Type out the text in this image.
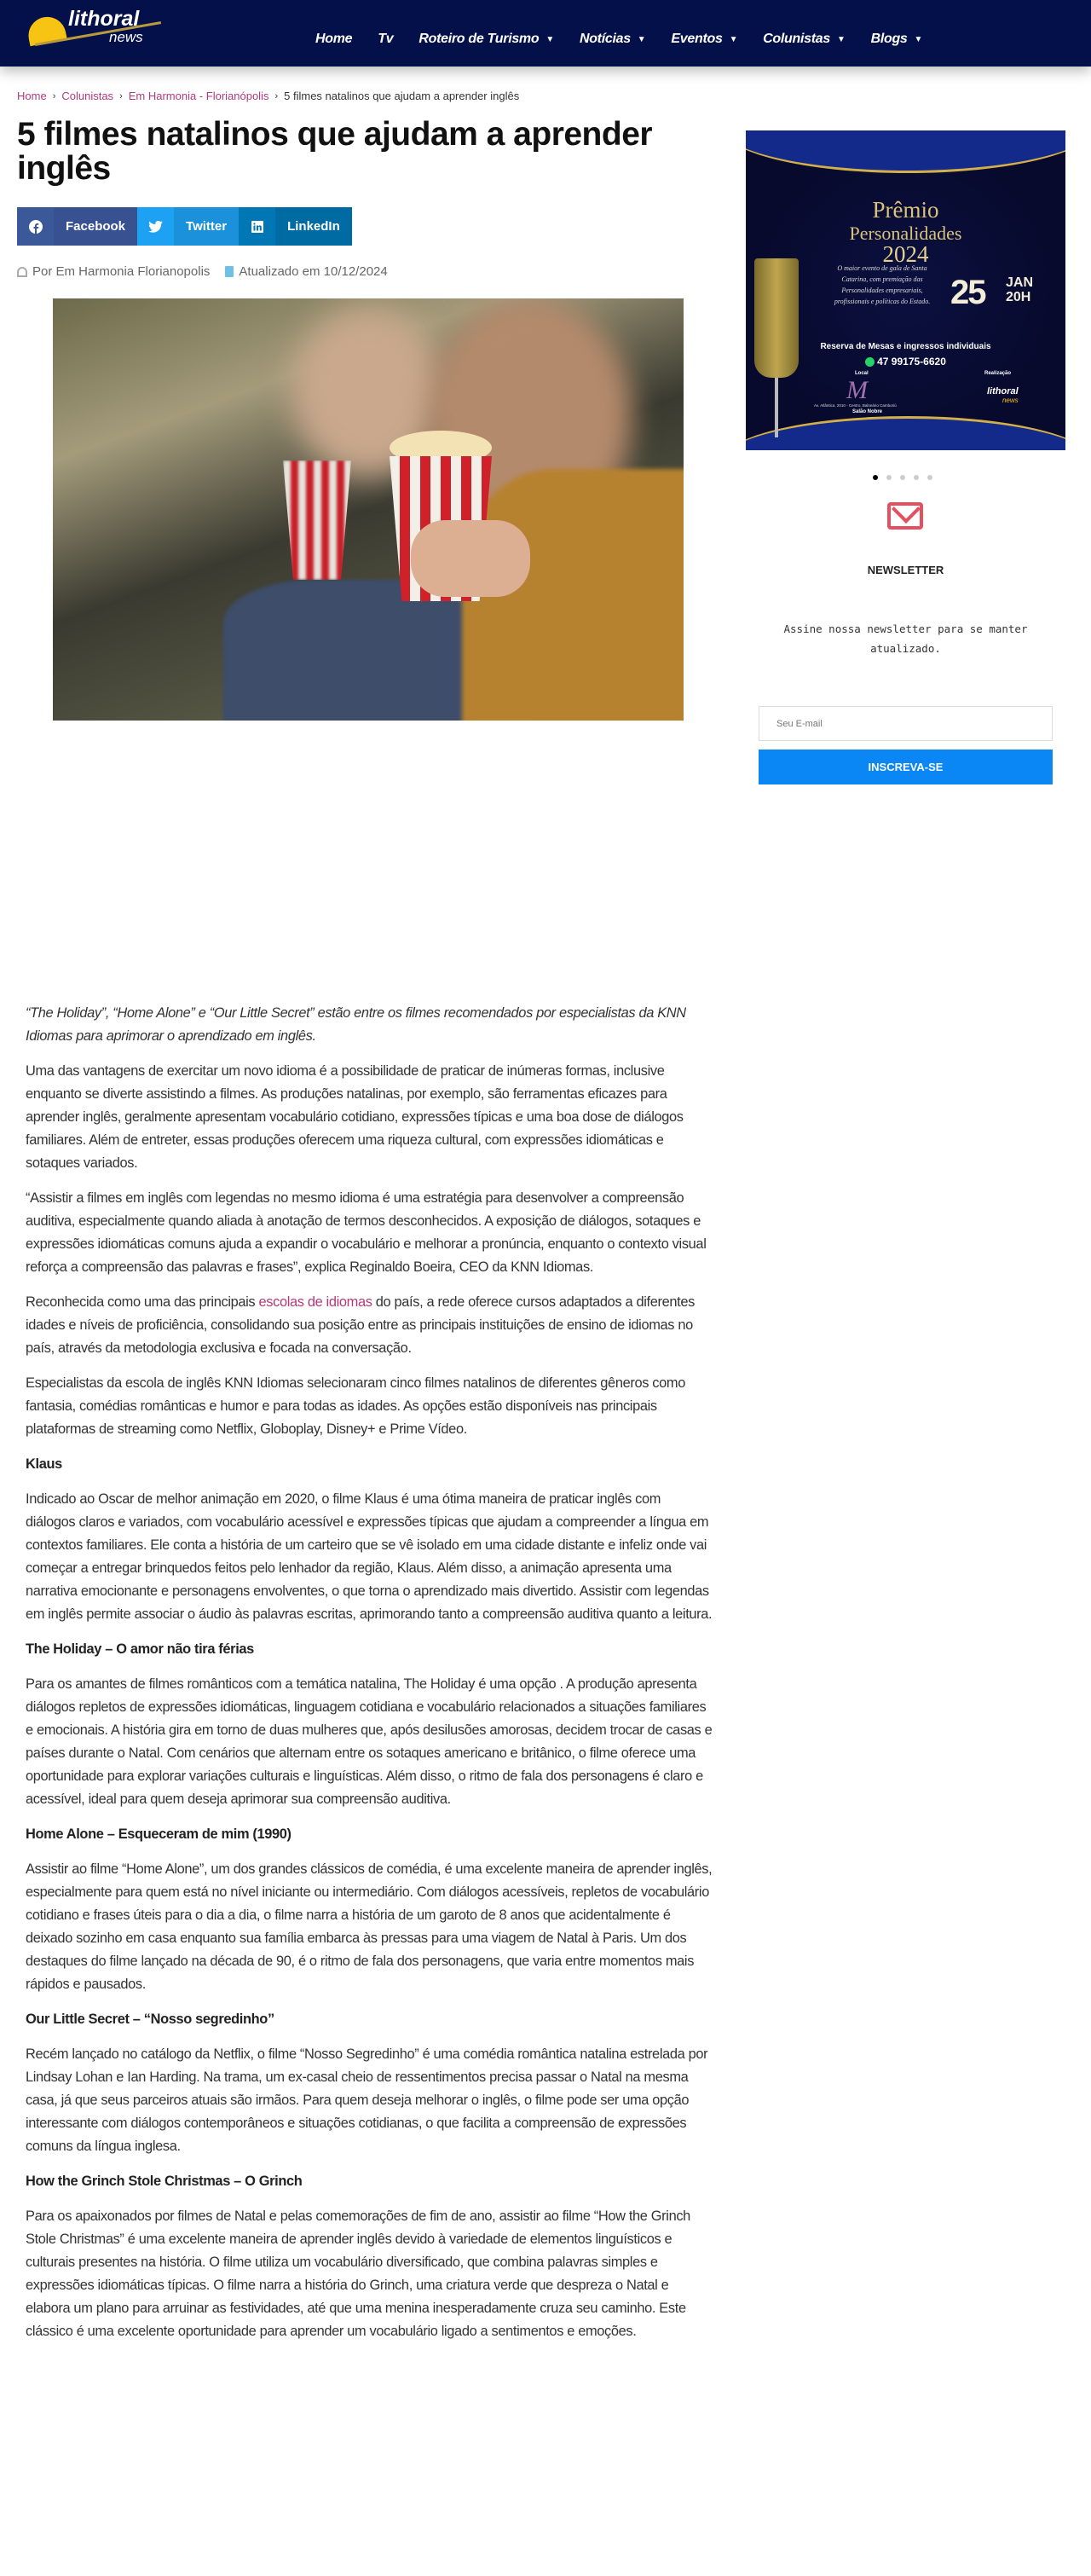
lithoral
news	Home Tv Roteiro de Turismo ▼ Notícias ▼ Eventos ▼ Colunistas ▼ Blogs ▼
Home › Colunistas › Em Harmonia - Florianópolis › 5 filmes natalinos que ajudam a aprender inglês
5 filmes natalinos que ajudam a aprender inglês
Facebook	Twitter	LinkedIn
Por Em Harmonia Florianopolis Atualizado em 10/12/2024

“The Holiday”, “Home Alone” e “Our Little Secret” estão entre os filmes recomendados por especialistas da KNN Idiomas para aprimorar o aprendizado em inglês.

Uma das vantagens de exercitar um novo idioma é a possibilidade de praticar de inúmeras formas, inclusive enquanto se diverte assistindo a filmes. As produções natalinas, por exemplo, são ferramentas eficazes para aprender inglês, geralmente apresentam vocabulário cotidiano, expressões típicas e uma boa dose de diálogos familiares. Além de entreter, essas produções oferecem uma riqueza cultural, com expressões idiomáticas e sotaques variados.

“Assistir a filmes em inglês com legendas no mesmo idioma é uma estratégia para desenvolver a compreensão auditiva, especialmente quando aliada à anotação de termos desconhecidos. A exposição de diálogos, sotaques e expressões idiomáticas comuns ajuda a expandir o vocabulário e melhorar a pronúncia, enquanto o contexto visual reforça a compreensão das palavras e frases”, explica Reginaldo Boeira, CEO da KNN Idiomas.

Reconhecida como uma das principais escolas de idiomas do país, a rede oferece cursos adaptados a diferentes idades e níveis de proficiência, consolidando sua posição entre as principais instituições de ensino de idiomas no país, através da metodologia exclusiva e focada na conversação.

Especialistas da escola de inglês KNN Idiomas selecionaram cinco filmes natalinos de diferentes gêneros como fantasia, comédias românticas e humor e para todas as idades. As opções estão disponíveis nas principais plataformas de streaming como Netflix, Globoplay, Disney+ e Prime Vídeo.

Klaus

Indicado ao Oscar de melhor animação em 2020, o filme Klaus é uma ótima maneira de praticar inglês com diálogos claros e variados, com vocabulário acessível e expressões típicas que ajudam a compreender a língua em contextos familiares. Ele conta a história de um carteiro que se vê isolado em uma cidade distante e infeliz onde vai começar a entregar brinquedos feitos pelo lenhador da região, Klaus. Além disso, a animação apresenta uma narrativa emocionante e personagens envolventes, o que torna o aprendizado mais divertido. Assistir com legendas em inglês permite associar o áudio às palavras escritas, aprimorando tanto a compreensão auditiva quanto a leitura.

The Holiday – O amor não tira férias

Para os amantes de filmes românticos com a temática natalina, The Holiday é uma opção . A produção apresenta diálogos repletos de expressões idiomáticas, linguagem cotidiana e vocabulário relacionados a situações familiares e emocionais. A história gira em torno de duas mulheres que, após desilusões amorosas, decidem trocar de casas e países durante o Natal. Com cenários que alternam entre os sotaques americano e britânico, o filme oferece uma oportunidade para explorar variações culturais e linguísticas. Além disso, o ritmo de fala dos personagens é claro e acessível, ideal para quem deseja aprimorar sua compreensão auditiva.

Home Alone – Esqueceram de mim (1990)

Assistir ao filme “Home Alone”, um dos grandes clássicos de comédia, é uma excelente maneira de aprender inglês, especialmente para quem está no nível iniciante ou intermediário. Com diálogos acessíveis, repletos de vocabulário cotidiano e frases úteis para o dia a dia, o filme narra a história de um garoto de 8 anos que acidentalmente é deixado sozinho em casa enquanto sua família embarca às pressas para uma viagem de Natal à Paris. Um dos destaques do filme lançado na década de 90, é o ritmo de fala dos personagens, que varia entre momentos mais rápidos e pausados.

Our Little Secret – “Nosso segredinho”

Recém lançado no catálogo da Netflix, o filme “Nosso Segredinho” é uma comédia romântica natalina estrelada por Lindsay Lohan e Ian Harding. Na trama, um ex-casal cheio de ressentimentos precisa passar o Natal na mesma casa, já que seus parceiros atuais são irmãos. Para quem deseja melhorar o inglês, o filme pode ser uma opção interessante com diálogos contemporâneos e situações cotidianas, o que facilita a compreensão de expressões comuns da língua inglesa.

How the Grinch Stole Christmas – O Grinch

Para os apaixonados por filmes de Natal e pelas comemorações de fim de ano, assistir ao filme “How the Grinch Stole Christmas” é uma excelente maneira de aprender inglês devido à variedade de elementos linguísticos e culturais presentes na história. O filme utiliza um vocabulário diversificado, que combina palavras simples e expressões idiomáticas típicas. O filme narra a história do Grinch, uma criatura verde que despreza o Natal e elabora um plano para arruinar as festividades, até que uma menina inesperadamente cruza seu caminho. Este clássico é uma excelente oportunidade para aprender um vocabulário ligado a sentimentos e emoções.

Prêmio
Personalidades
2024
O maior evento de gala de Santa Catarina, com premiação das Personalidades empresariais, profissionais e políticas do Estado. 25 JAN
20H
Reserva de Mesas e ingressos individuais
47 99175-6620
Local
M
Av. Atlântica, 2010 - Centro, Balneário Camboriú
Salão Nobre
Realização
lithoral
news
NEWSLETTER
Assine nossa newsletter para se manter atualizado.
Seu E-mail
INSCREVA-SE
